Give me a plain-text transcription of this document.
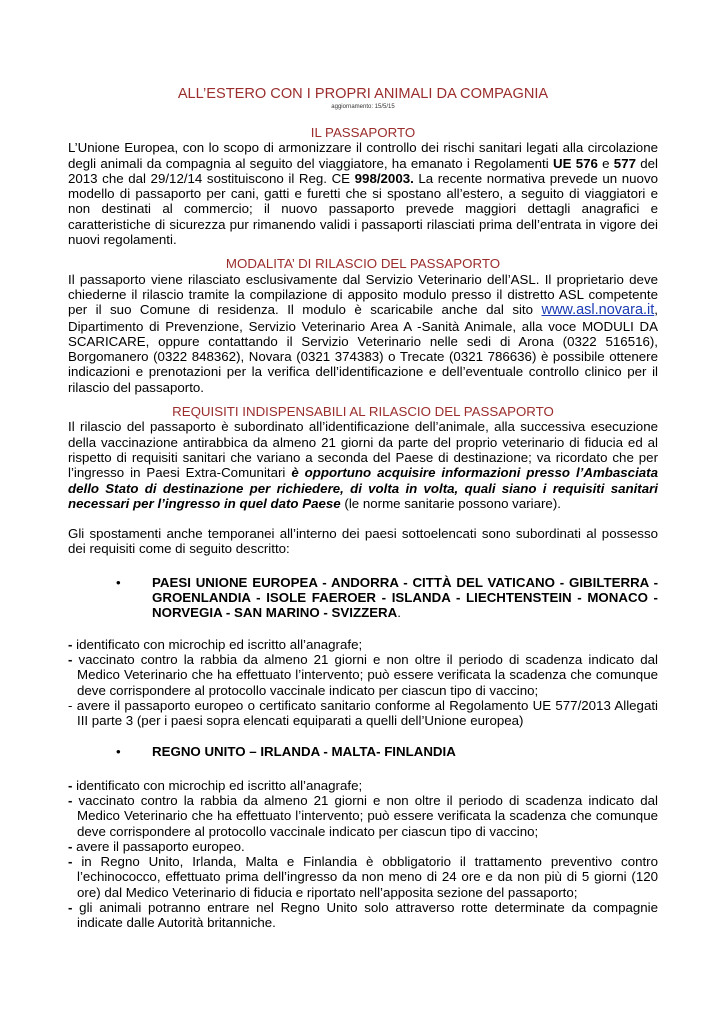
ALL’ESTERO CON I PROPRI ANIMALI DA COMPAGNIA
aggiornamento: 15/5/15
IL PASSAPORTO

L’Unione Europea, con lo scopo di armonizzare il controllo dei rischi sanitari legati alla circolazione degli animali da compagnia al seguito del viaggiatore, ha emanato i Regolamenti UE 576 e 577 del 2013 che dal 29/12/14 sostituiscono il Reg. CE 998/2003. La recente normativa prevede un nuovo modello di passaporto per cani, gatti e furetti che si spostano all’estero, a seguito di viaggiatori e non destinati al commercio; il nuovo passaporto prevede maggiori dettagli anagrafici e caratteristiche di sicurezza pur rimanendo validi i passaporti rilasciati prima dell’entrata in vigore dei nuovi regolamenti.

MODALITA’ DI RILASCIO DEL PASSAPORTO

Il passaporto viene rilasciato esclusivamente dal Servizio Veterinario dell’ASL. Il proprietario deve chiederne il rilascio tramite la compilazione di apposito modulo presso il distretto ASL competente per il suo Comune di residenza. Il modulo è scaricabile anche dal sito www.asl.novara.it, Dipartimento di Prevenzione, Servizio Veterinario Area A -Sanità Animale, alla voce MODULI DA SCARICARE, oppure contattando il Servizio Veterinario nelle sedi di Arona (0322 516516), Borgomanero (0322 848362), Novara (0321 374383) o Trecate (0321 786636) è possibile ottenere indicazioni e prenotazioni per la verifica dell’identificazione e dell’eventuale controllo clinico per il rilascio del passaporto.

REQUISITI INDISPENSABILI AL RILASCIO DEL PASSAPORTO

Il rilascio del passaporto è subordinato all’identificazione dell’animale, alla successiva esecuzione della vaccinazione antirabbica da almeno 21 giorni da parte del proprio veterinario di fiducia ed al rispetto di requisiti sanitari che variano a seconda del Paese di destinazione; va ricordato che per l’ingresso in Paesi Extra-Comunitari è opportuno acquisire informazioni presso l’Ambasciata dello Stato di destinazione per richiedere, di volta in volta, quali siano i requisiti sanitari necessari per l’ingresso in quel dato Paese (le norme sanitarie possono variare).

Gli spostamenti anche temporanei all’interno dei paesi sottoelencati sono subordinati al possesso dei requisiti come di seguito descritto:

•	PAESI UNIONE EUROPEA - ANDORRA - CITTÀ DEL VATICANO - GIBILTERRA - GROENLANDIA - ISOLE FAEROER - ISLANDA - LIECHTENSTEIN - MONACO - NORVEGIA - SAN MARINO - SVIZZERA.
- identificato con microchip ed iscritto all’anagrafe;
- vaccinato contro la rabbia da almeno 21 giorni e non oltre il periodo di scadenza indicato dal Medico Veterinario che ha effettuato l’intervento; può essere verificata la scadenza che comunque deve corrispondere al protocollo vaccinale indicato per ciascun tipo di vaccino;
- avere il passaporto europeo o certificato sanitario conforme al Regolamento UE 577/2013 Allegati III parte 3 (per i paesi sopra elencati equiparati a quelli dell’Unione europea)
•	REGNO UNITO – IRLANDA - MALTA- FINLANDIA
- identificato con microchip ed iscritto all’anagrafe;
- vaccinato contro la rabbia da almeno 21 giorni e non oltre il periodo di scadenza indicato dal Medico Veterinario che ha effettuato l’intervento; può essere verificata la scadenza che comunque deve corrispondere al protocollo vaccinale indicato per ciascun tipo di vaccino;
- avere il passaporto europeo.
- in Regno Unito, Irlanda, Malta e Finlandia è obbligatorio il trattamento preventivo contro l’echinococco, effettuato prima dell’ingresso da non meno di 24 ore e da non più di 5 giorni (120 ore) dal Medico Veterinario di fiducia e riportato nell’apposita sezione del passaporto;
- gli animali potranno entrare nel Regno Unito solo attraverso rotte determinate da compagnie indicate dalle Autorità britanniche.
